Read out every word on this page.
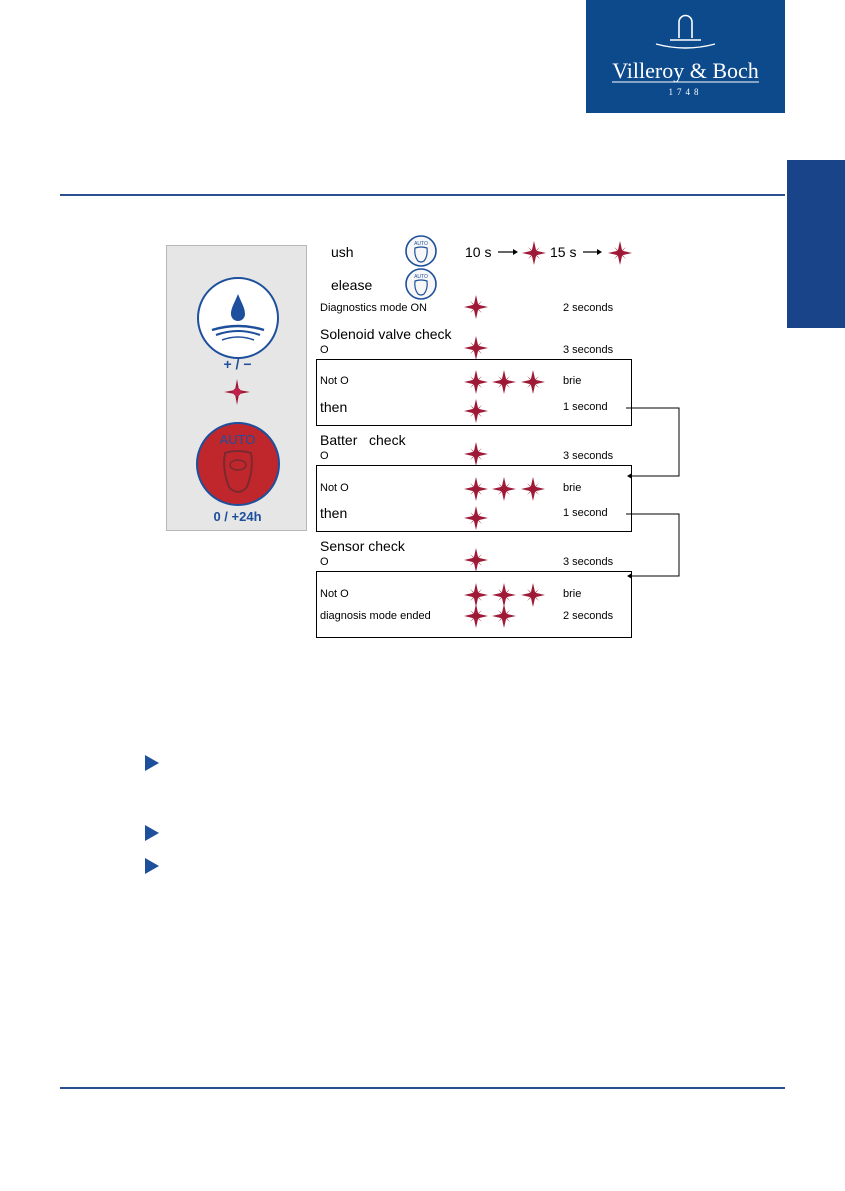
Villeroy & Boch
1748
+ / −
AUTO
0 / +24h
ush	10 s	15 s
elease
Diagnostics mode ON	2 seconds
Solenoid valve check
O	3 seconds
Not O	brie
then	1 second
Batter   check
O	3 seconds
Not O	brie
then	1 second
Sensor check
O	3 seconds
Not O	brie
diagnosis mode ended	2 seconds
